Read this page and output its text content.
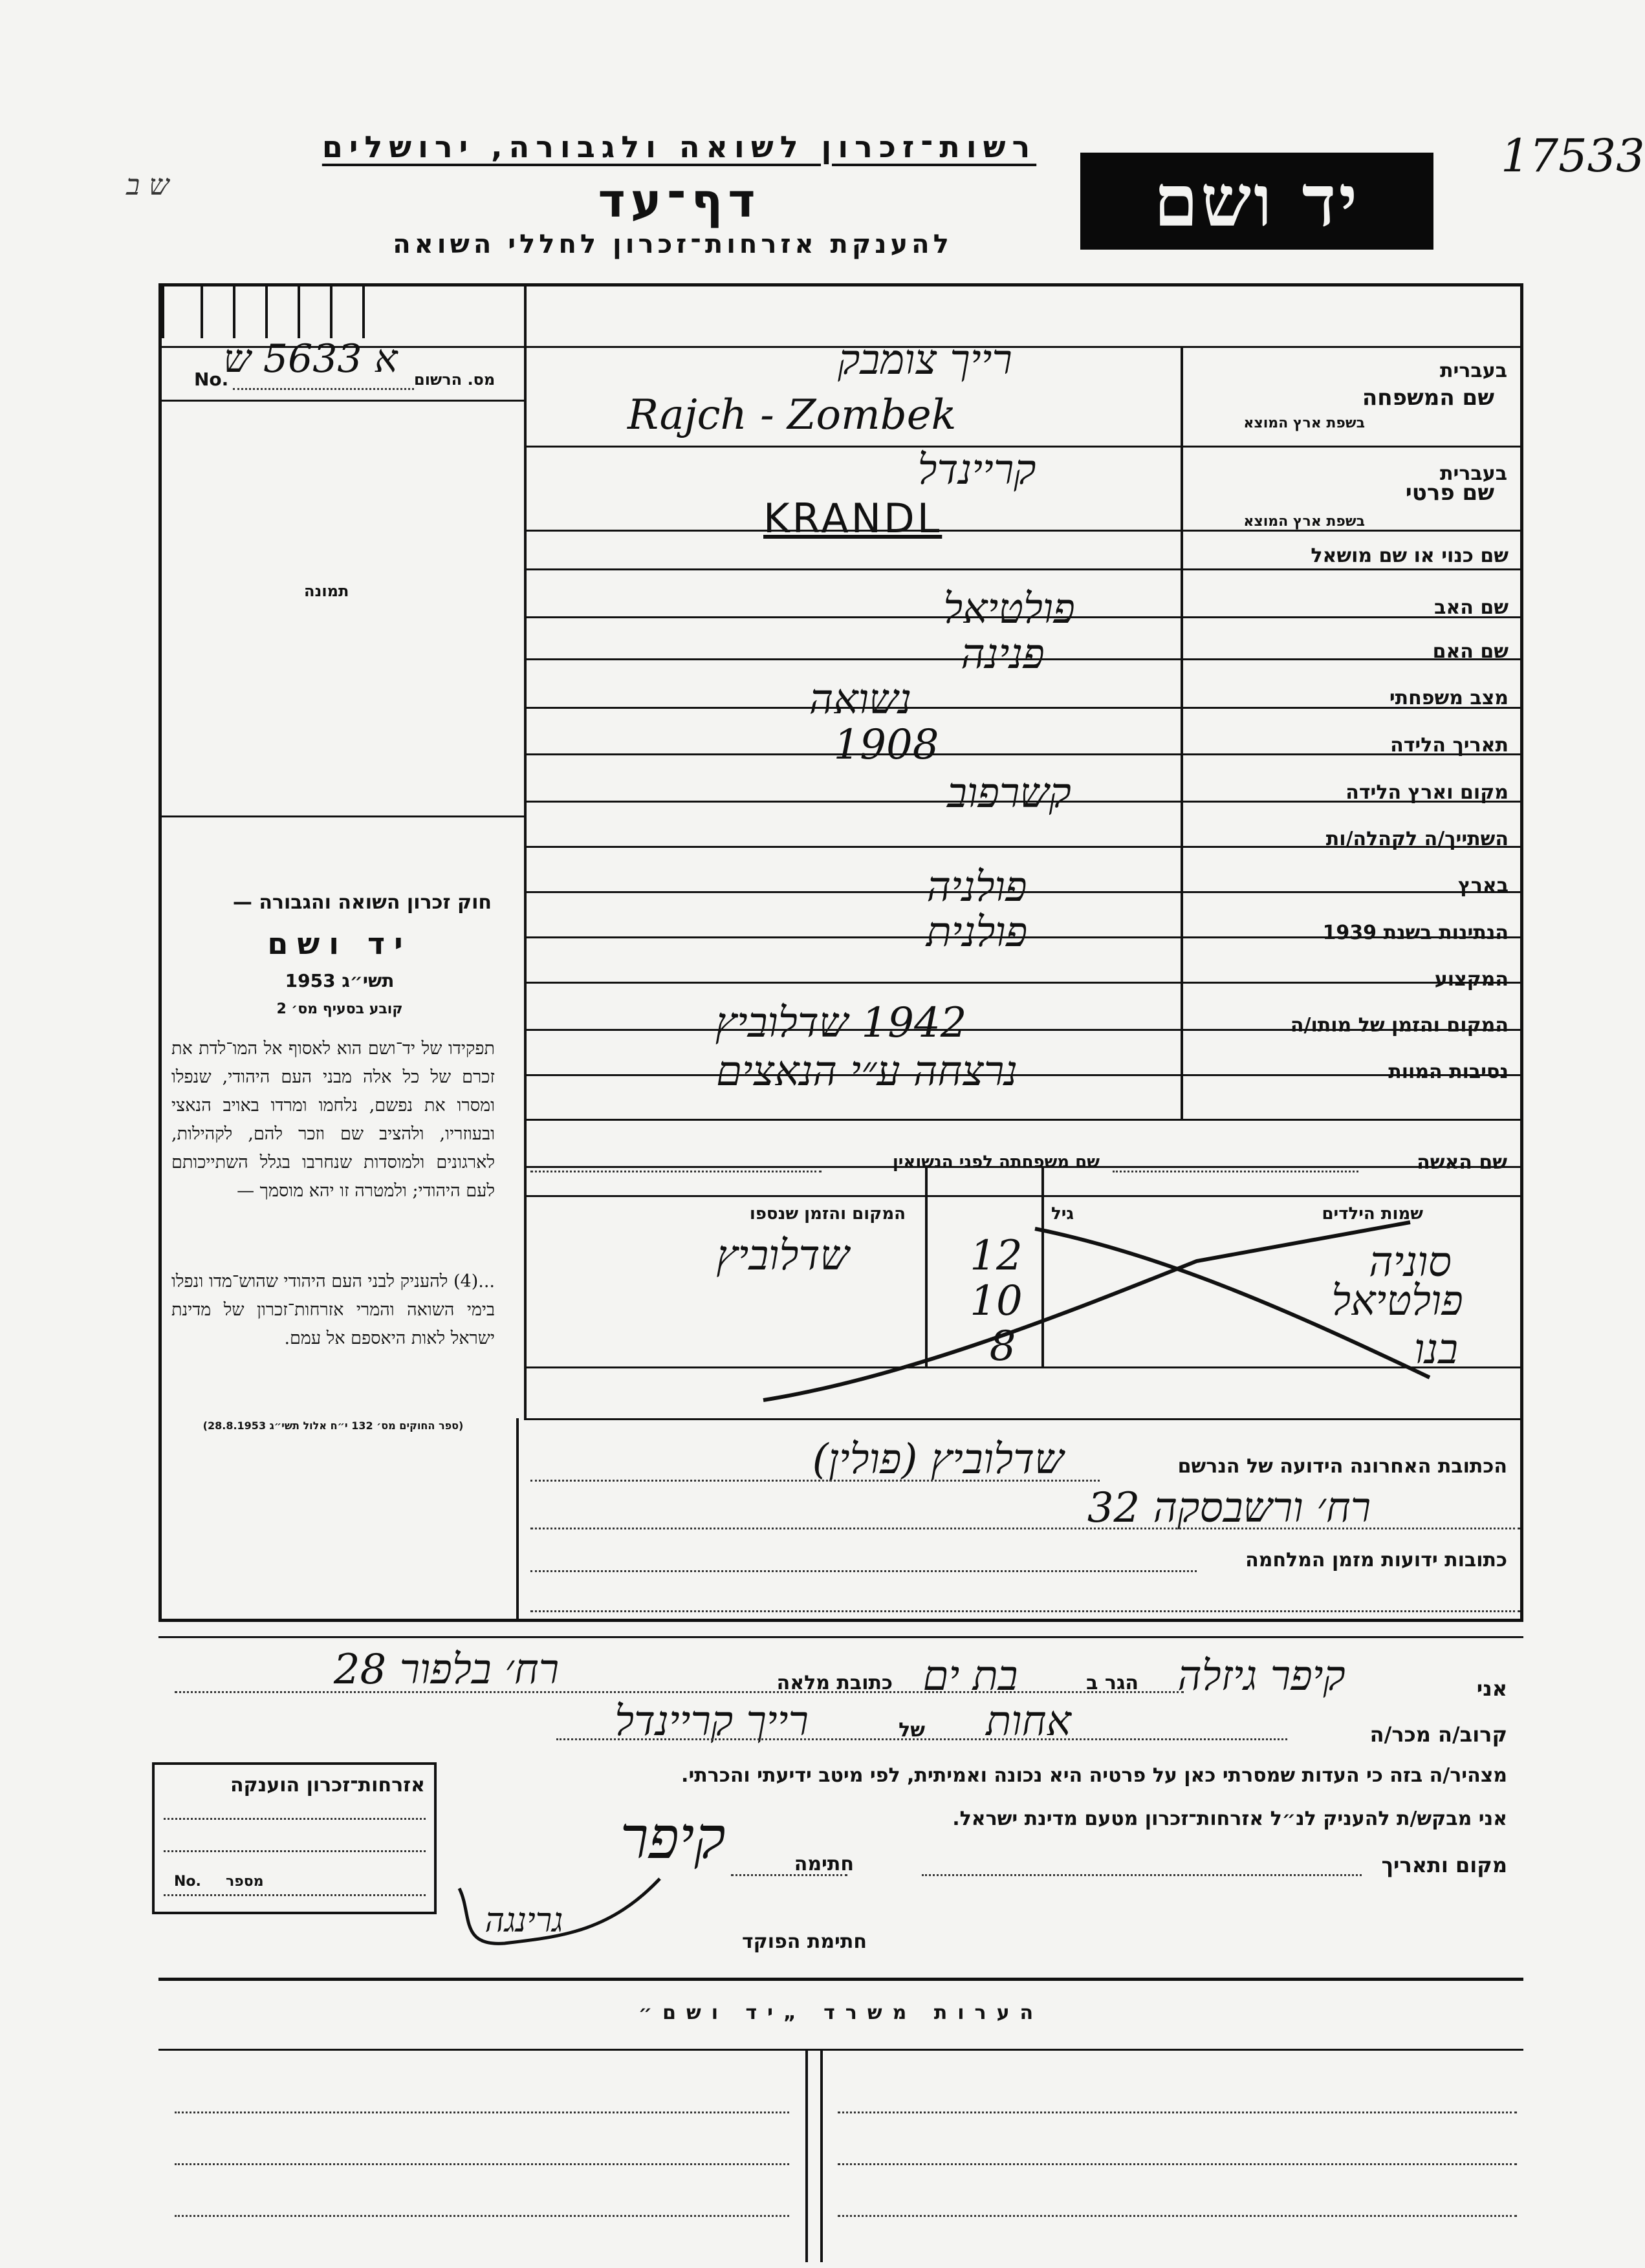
17533
ש ב
רשות־זכרון לשואה ולגבורה, ירושלים
דף־עד
להענקת אזרחות־זכרון לחללי השואה
יד ושם
No.	מס. הרשום
א 5633 ש
תמונה
חוק זכרון השואה והגבורה —
יד ושם
תשי״ג 1953
קובע בסעיף מס׳ 2
תפקידו של יד־ושם הוא לאסוף אל המו־לדת את זכרם של כל אלה מבני העם היהודי, שנפלו ומסרו את נפשם, נלחמו ומרדו באויב הנאצי ובעוזריו, ולהציב שם וזכר להם, לקהילות, לארגונים ולמוסדות שנחרבו בגלל השתייכותם לעם היהודי; ולמטרה זו יהא מוסמך —
...(4) להעניק לבני העם היהודי שהוש־מדו ונפלו בימי השואה והמרי אזרחות־זכרון של מדינת ישראל לאות היאספם אל עמם.
(ספר החוקים מס׳ 132 י״ח אלול תשי״ג 28.8.1953)
בעברית
שם המשפחה
בשפת ארץ המוצא
בעברית
שם פרטי
בשפת ארץ המוצא
שם כנוי או שם מושאל
שם האב
שם האם
מצב משפחתי
תאריך הלידה
מקום וארץ הלידה
השתייך/ה לקהלה/ות
בארץ
הנתינות בשנת 1939
המקצוע
המקום והזמן של מותו/ה
נסיבות המוות
רייך צומבק
Rajch - Zombek
קריינדל
KRANDL
פולטיאל
פנינה
נשואה
1908
קשרפוב
פולניה
פולנית
1942 שדלוביץ
נרצחה ע״י הנאצים
שם האשה
שם משפחתה לפני הנשואין
שמות הילדים
גיל
המקום והזמן שנספו
סוניה
12
שדלוביץ
פולטיאל
10
בנו
8
הכתובת האחרונה הידועה של הנרשם
שדלוביץ (פולין)
רח׳ ורשבסקה 32
כתובות ידועות מזמן המלחמה
אני
קיפר גיזלה
הגר ב
בת ים
כתובת מלאה
רח׳ בלפור 28
קרוב/ה מכר/ה
אחות
של
רייך קריינדל
מצהיר/ה בזה כי העדות שמסרתי כאן על פרטיה היא נכונה ואמיתית, לפי מיטב ידיעתי והכרתי.
אני מבקש/ת להעניק לנ״ל אזרחות־זכרון מטעם מדינת ישראל.
מקום ותאריך
חתימה
קיפר
חתימת הפוקד
גרינגה
אזרחות־זכרון הוענקה
No. מספר
הערות משרד „יד ושם״
